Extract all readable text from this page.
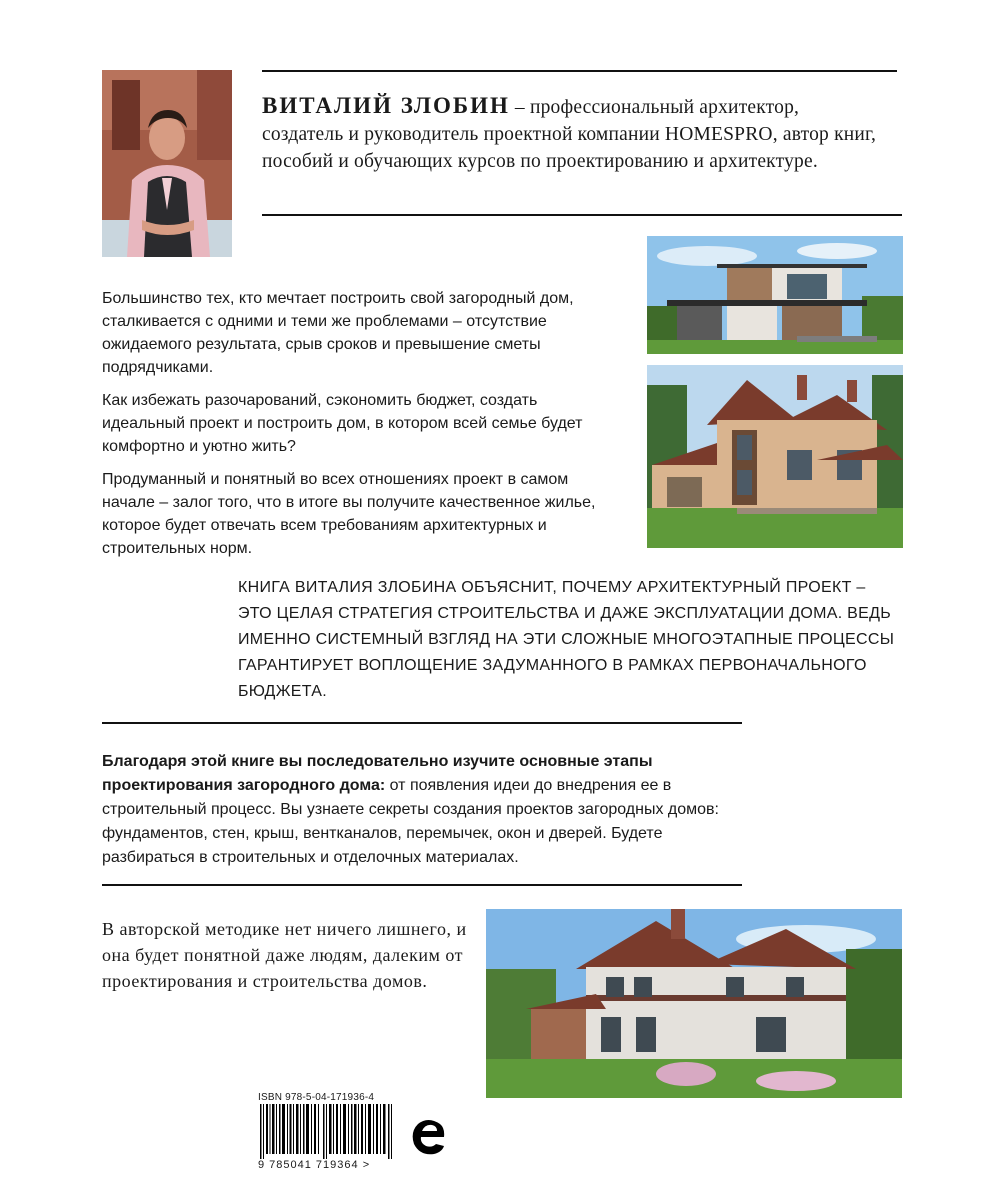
ВИТАЛИЙ ЗЛОБИН – профессиональный архитектор, создатель и руководитель проектной компании HOMESPRO, автор книг, пособий и обучающих курсов по проектированию и архитектуре.

Большинство тех, кто мечтает построить свой загородный дом, сталкивается с одними и теми же проблемами – отсутствие ожидаемого результата, срыв сроков и превышение сметы подрядчиками.

Как избежать разочарований, сэкономить бюджет, создать идеальный проект и построить дом, в котором всей семье будет комфортно и уютно жить?

Продуманный и понятный во всех отношениях проект в самом начале – залог того, что в итоге вы получите качественное жилье, которое будет отвечать всем требованиям архитектурных и строительных норм.

КНИГА ВИТАЛИЯ ЗЛОБИНА ОБЪЯСНИТ, ПОЧЕМУ АРХИТЕКТУРНЫЙ ПРОЕКТ – ЭТО ЦЕЛАЯ СТРАТЕГИЯ СТРОИТЕЛЬСТВА И ДАЖЕ ЭКСПЛУАТАЦИИ ДОМА. ВЕДЬ ИМЕННО СИСТЕМНЫЙ ВЗГЛЯД НА ЭТИ СЛОЖНЫЕ МНОГОЭТАПНЫЕ ПРОЦЕССЫ ГАРАНТИРУЕТ ВОПЛОЩЕНИЕ ЗАДУМАННОГО В РАМКАХ ПЕРВОНАЧАЛЬНОГО БЮДЖЕТА.
Благодаря этой книге вы последовательно изучите основные этапы проектирования загородного дома: от появления идеи до внедрения ее в строительный процесс. Вы узнаете секреты создания проектов загородных домов: фундаментов, стен, крыш, вентканалов, перемычек, окон и дверей. Будете разбираться в строительных и отделочных материалах.
В авторской методике нет ничего лишнего, и она будет понятной даже людям, далеким от проектирования и строительства домов.
ISBN 978-5-04-171936-4
9 785041 719364 >
